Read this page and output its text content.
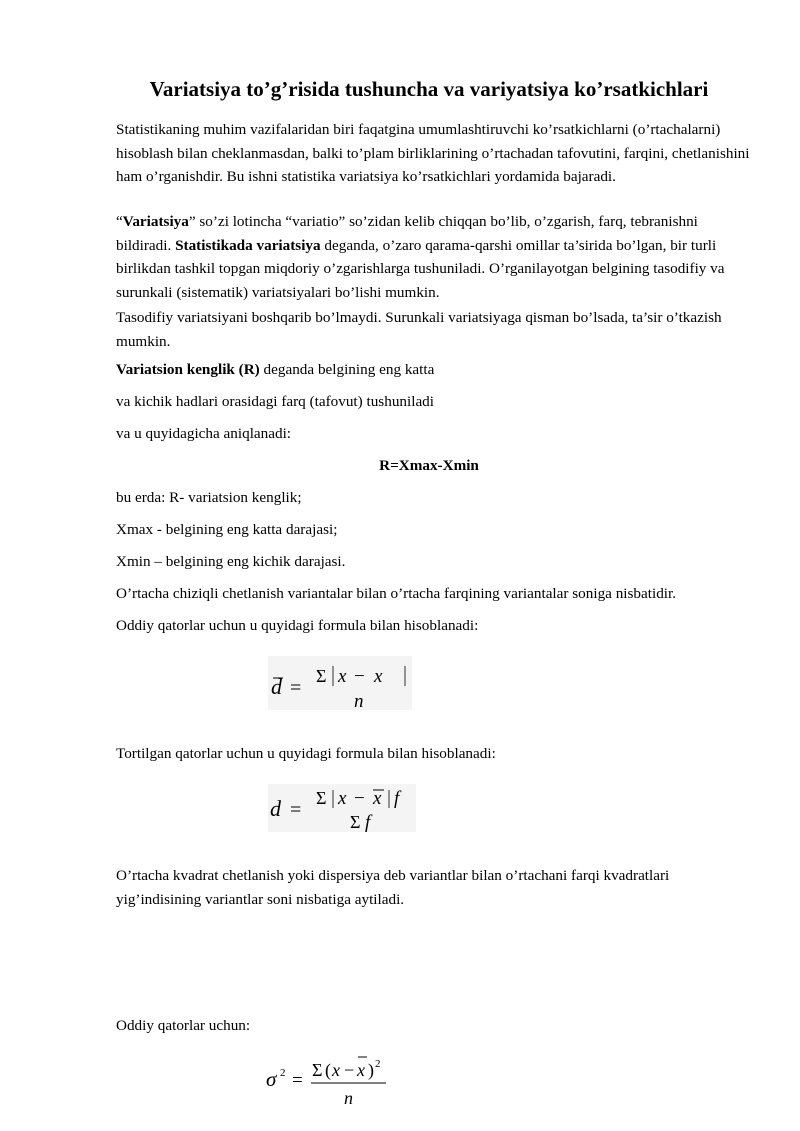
Variatsiya to’g’risida tushuncha va variyatsiya ko’rsatkichlari
Statistikaning muhim vazifalaridan biri faqatgina umumlashtiruvchi ko’rsatkichlarni (o’rtachalarni) hisoblash bilan cheklanmasdan, balki to’plam birliklarining o’rtachadan tafovutini, farqini, chetlanishini ham o’rganishdir. Bu ishni statistika variatsiya ko’rsatkichlari yordamida bajaradi.
“Variatsiya” so’zi lotincha “variatio” so’zidan kelib chiqqan bo’lib, o’zgarish, farq, tebranishni bildiradi. Statistikada variatsiya deganda, o’zaro qarama-qarshi omillar ta’sirida bo’lgan, bir turli birlikdan tashkil topgan miqdoriy o’zgarishlarga tushuniladi. O’rganilayotgan belgining tasodifiy va surunkali (sistematik) variatsiyalari bo’lishi mumkin.
Tasodifiy variatsiyani boshqarib bo’lmaydi. Surunkali variatsiyaga qisman bo’lsada, ta’sir o’tkazish mumkin.
Variatsion kenglik (R) deganda belgining eng katta
va kichik hadlari orasidagi farq (tafovut) tushuniladi
va u quyidagicha aniqlanadi:
R=Xmax-Xmin
bu erda: R- variatsion kenglik;
Xmax - belgining eng katta darajasi;
Xmin – belgining eng kichik darajasi.
O’rtacha chiziqli chetlanish variantalar bilan o’rtacha farqining variantalar soniga nisbatidir.
Oddiy qatorlar uchun u quyidagi formula bilan hisoblanadi:
d =
Σ x − x
n
Tortilgan qatorlar uchun u quyidagi formula bilan hisoblanadi:
d =
Σ x − x f
Σ f
O’rtacha kvadrat chetlanish yoki dispersiya deb variantlar bilan o’rtachani farqi kvadratlari yig’indisining variantlar soni nisbatiga aytiladi.
Oddiy qatorlar uchun:
σ 2 = Σ ( x − x ) 2
n
